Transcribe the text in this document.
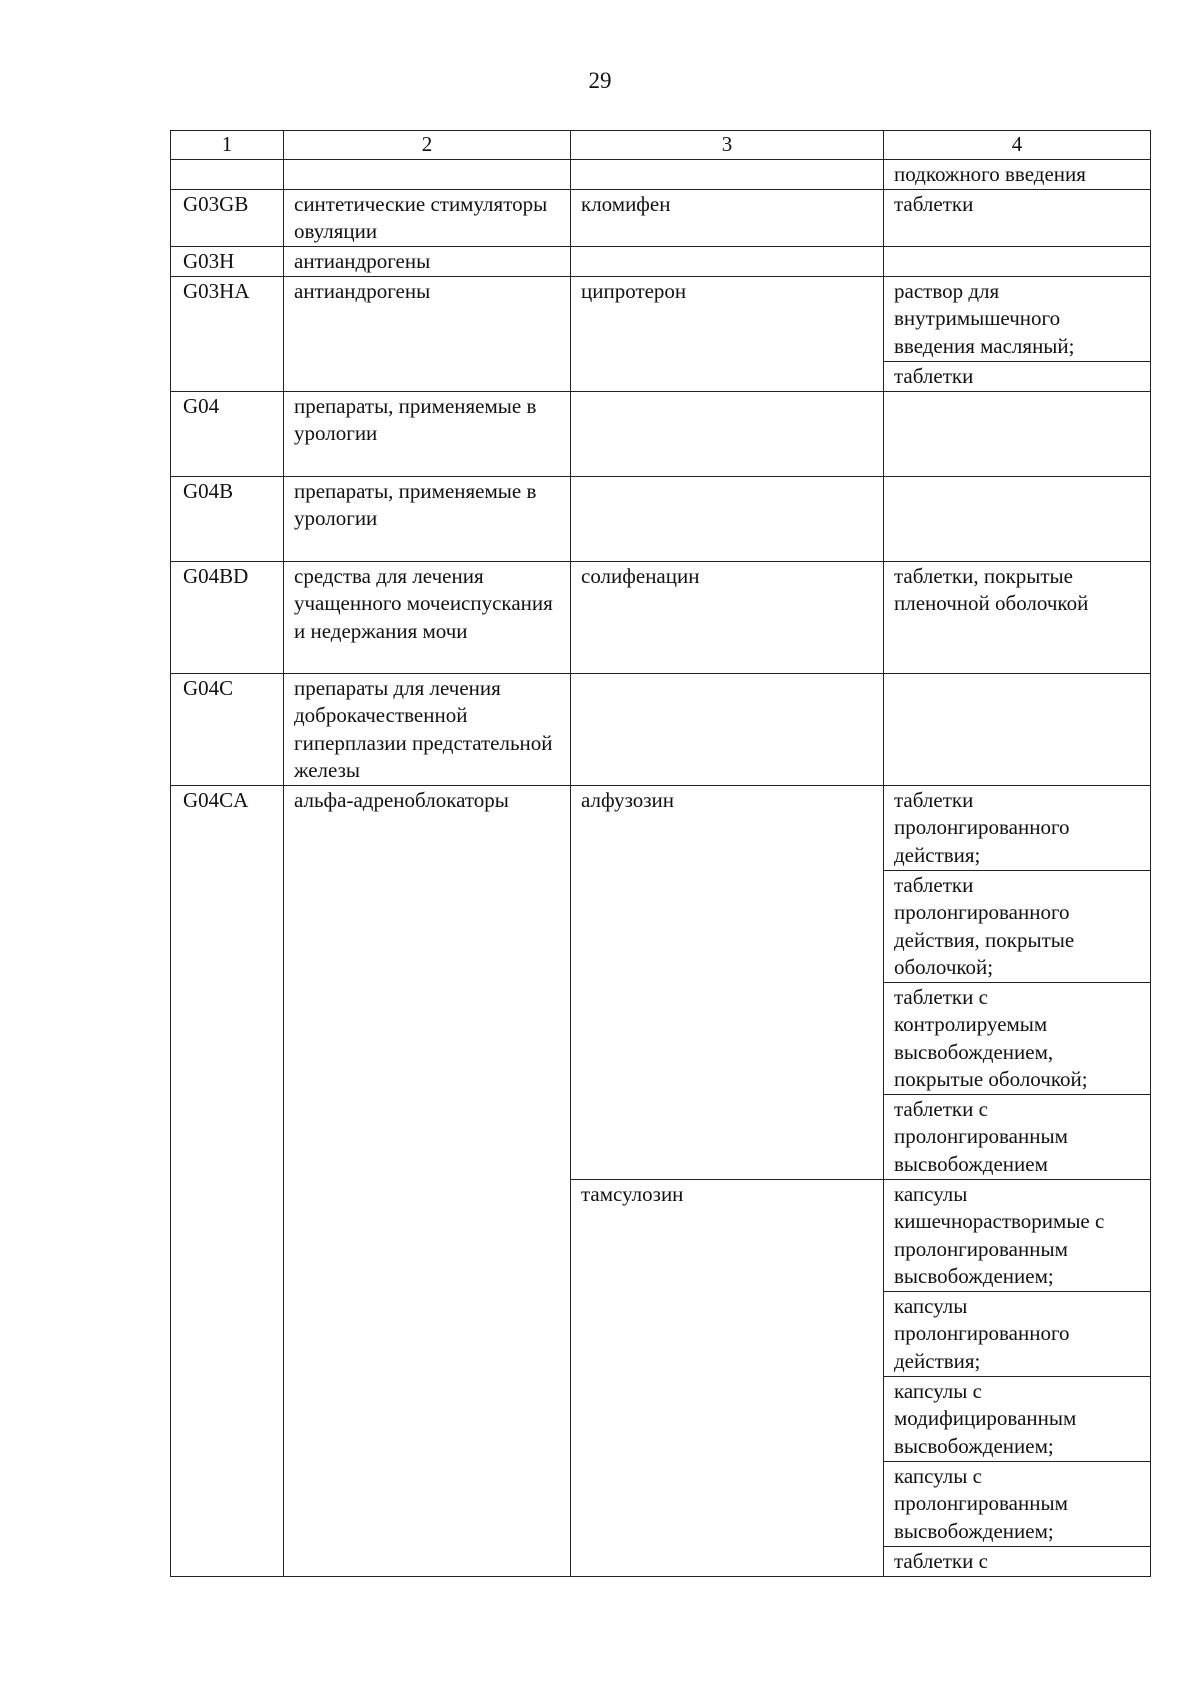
29
1	2	3	4
			подкожного введения
G03GB	синтетические стимуляторы овуляции	кломифен	таблетки
G03H	антиандрогены		
G03HA	антиандрогены	ципротерон	раствор для внутримышечного введения масляный;
			таблетки
G04	препараты, применяемые в урологии		
G04B	препараты, применяемые в урологии		
G04BD	средства для лечения учащенного мочеиспускания и недержания мочи	солифенацин	таблетки, покрытые пленочной оболочкой
G04C	препараты для лечения доброкачественной гиперплазии предстательной железы		
G04CA	альфа-адреноблокаторы	алфузозин	таблетки пролонгированного действия;
			таблетки пролонгированного действия, покрытые оболочкой;
			таблетки с контролируемым высвобождением, покрытые оболочкой;
			таблетки с пролонгированным высвобождением
		тамсулозин	капсулы кишечнорастворимые с пролонгированным высвобождением;
			капсулы пролонгированного действия;
			капсулы с модифицированным высвобождением;
			капсулы с пролонгированным высвобождением;
			таблетки с
